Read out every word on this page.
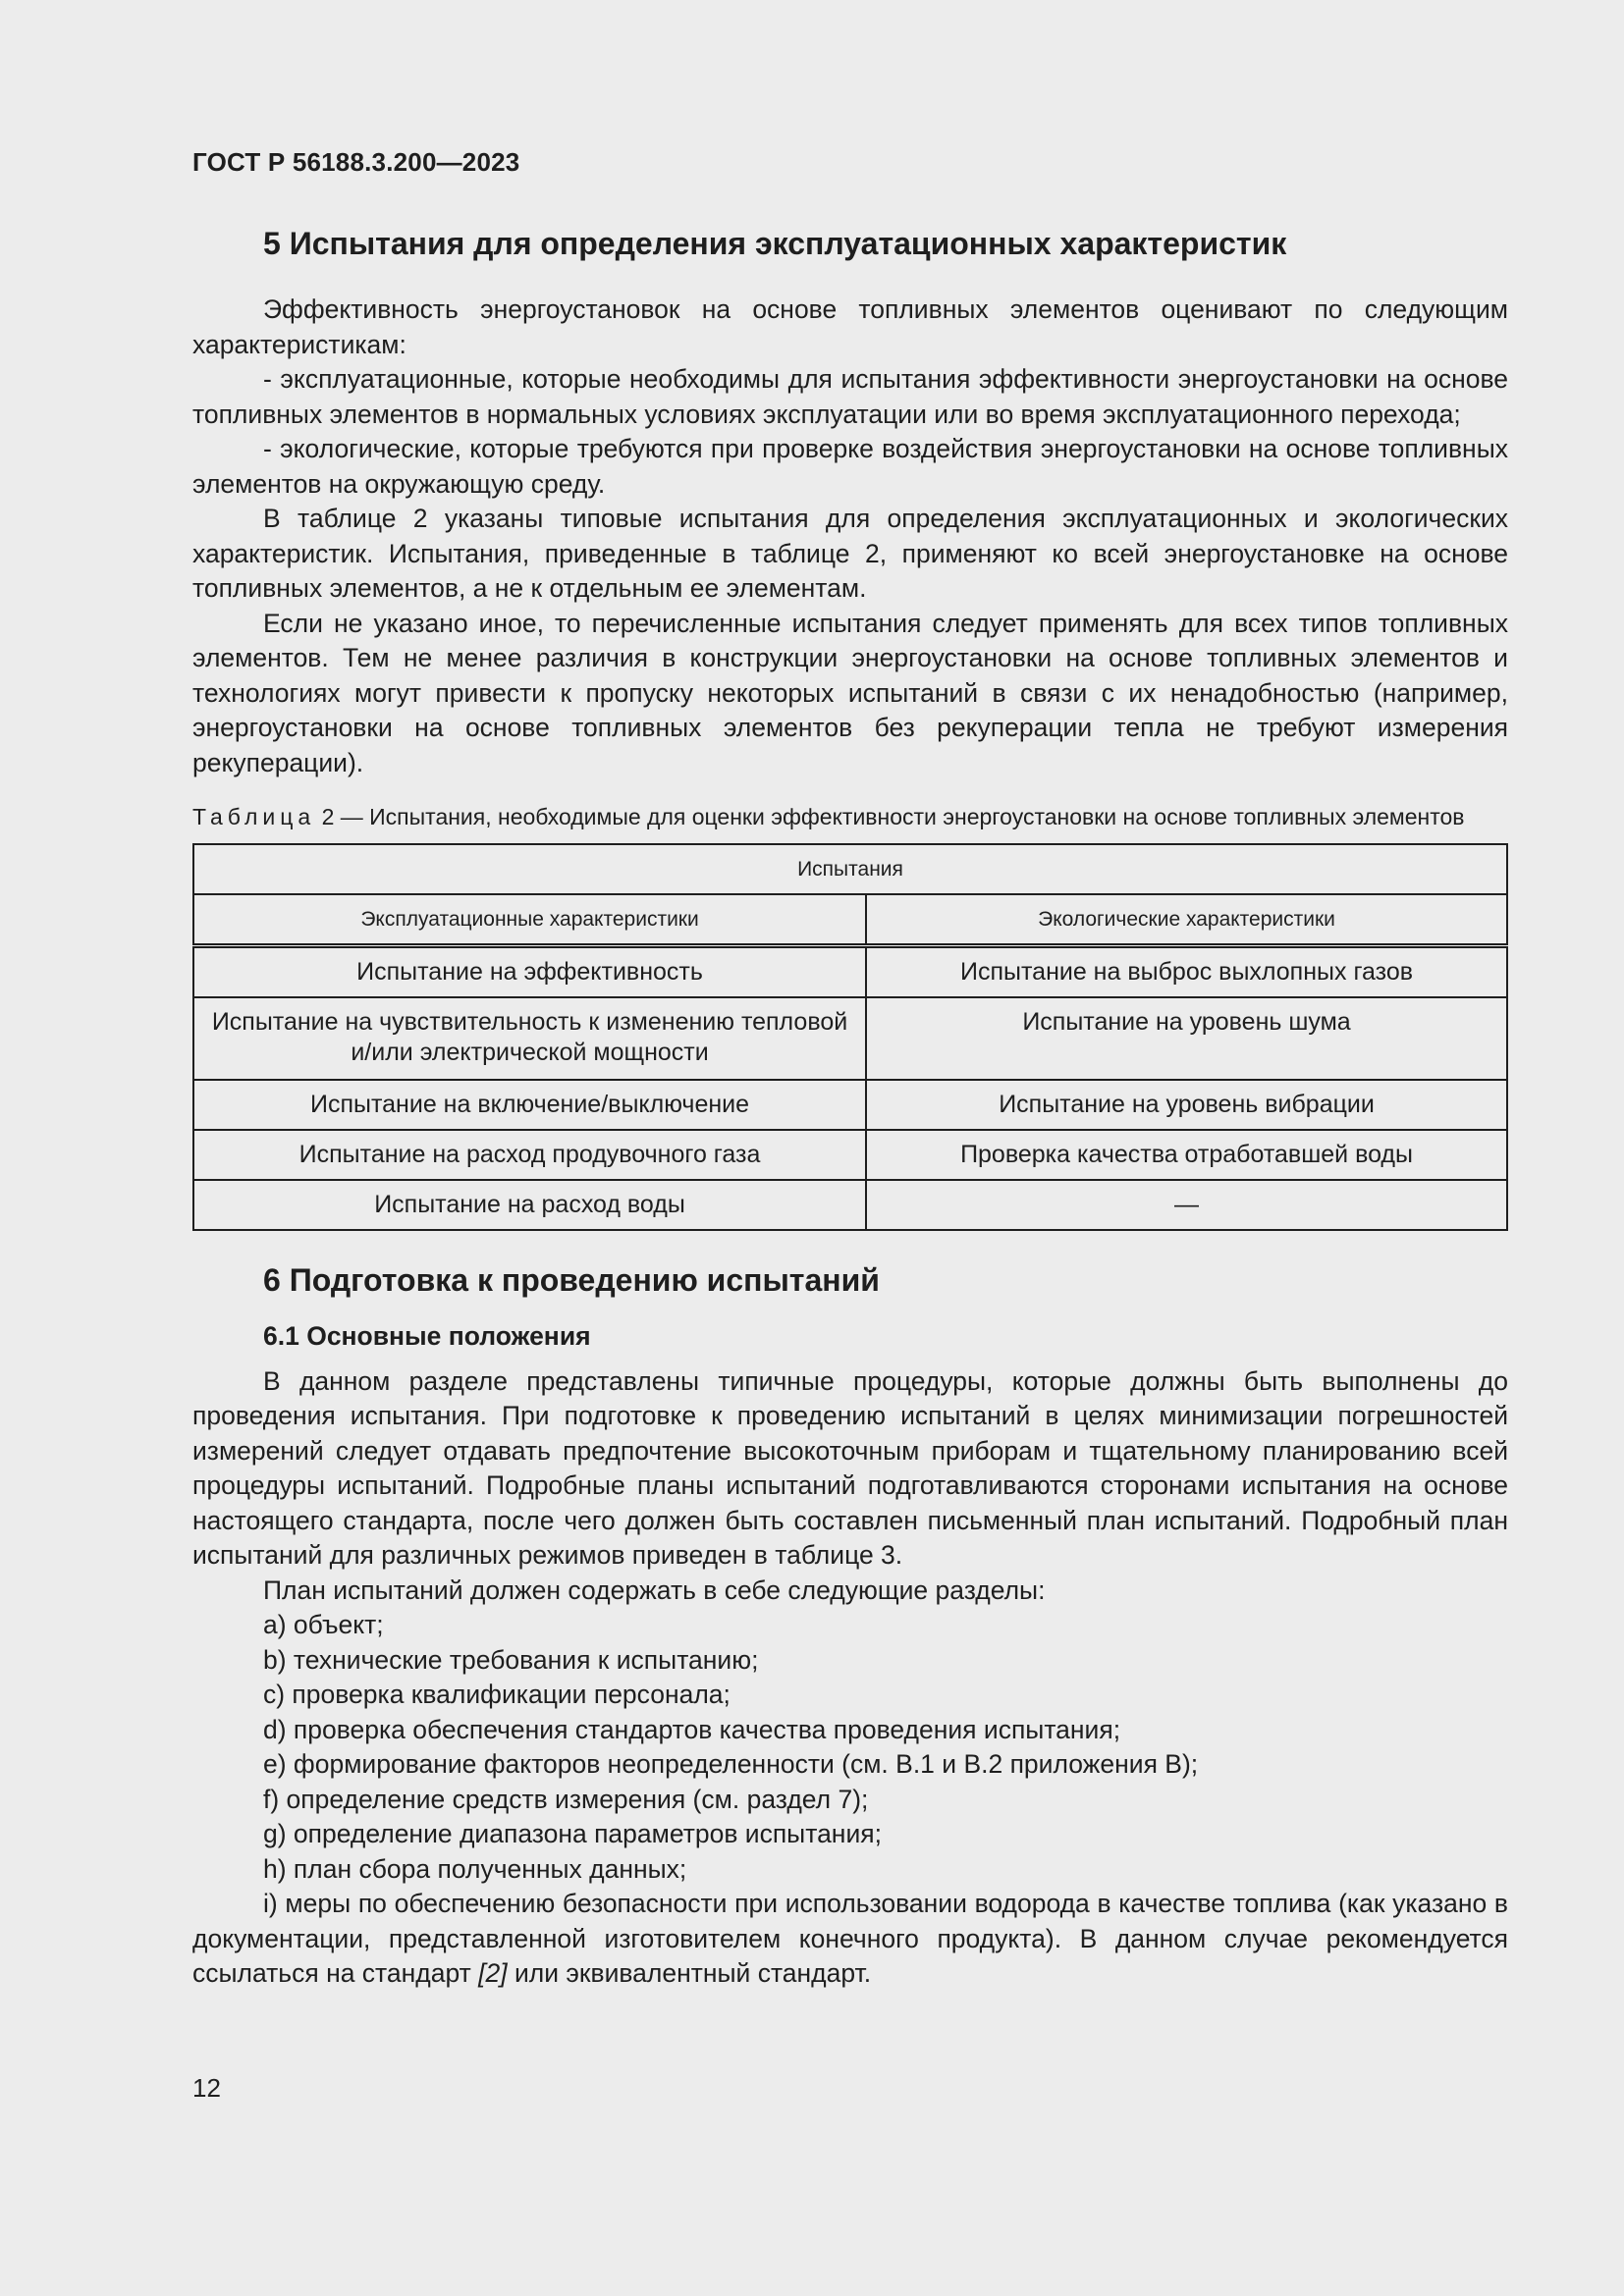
ГОСТ Р 56188.3.200—2023
5 Испытания для определения эксплуатационных характеристик

Эффективность энергоустановок на основе топливных элементов оценивают по следующим характеристикам:

- эксплуатационные, которые необходимы для испытания эффективности энергоустановки на основе топливных элементов в нормальных условиях эксплуатации или во время эксплуатационного перехода;

- экологические, которые требуются при проверке воздействия энергоустановки на основе топливных элементов на окружающую среду.

В таблице 2 указаны типовые испытания для определения эксплуатационных и экологических характеристик. Испытания, приведенные в таблице 2, применяют ко всей энергоустановке на основе топливных элементов, а не к отдельным ее элементам.

Если не указано иное, то перечисленные испытания следует применять для всех типов топливных элементов. Тем не менее различия в конструкции энергоустановки на основе топливных элементов и технологиях могут привести к пропуску некоторых испытаний в связи с их ненадобностью (например, энергоустановки на основе топливных элементов без рекуперации тепла не требуют измерения рекуперации).

Таблица 2 — Испытания, необходимые для оценки эффективности энергоустановки на основе топливных элементов
Испытания	
Эксплуатационные характеристики	Экологические характеристики
Испытание на эффективность	Испытание на выброс выхлопных газов
Испытание на чувствительность к изменению тепловой и/или электрической мощности	Испытание на уровень шума
Испытание на включение/выключение	Испытание на уровень вибрации
Испытание на расход продувочного газа	Проверка качества отработавшей воды
Испытание на расход воды	—
6 Подготовка к проведению испытаний
6.1 Основные положения

В данном разделе представлены типичные процедуры, которые должны быть выполнены до проведения испытания. При подготовке к проведению испытаний в целях минимизации погрешностей измерений следует отдавать предпочтение высокоточным приборам и тщательному планированию всей процедуры испытаний. Подробные планы испытаний подготавливаются сторонами испытания на основе настоящего стандарта, после чего должен быть составлен письменный план испытаний. Подробный план испытаний для различных режимов приведен в таблице 3.

План испытаний должен содержать в себе следующие разделы:

a) объект;
b) технические требования к испытанию;
c) проверка квалификации персонала;
d) проверка обеспечения стандартов качества проведения испытания;
e) формирование факторов неопределенности (см. В.1 и В.2 приложения В);
f) определение средств измерения (см. раздел 7);
g) определение диапазона параметров испытания;
h) план сбора полученных данных;
i) меры по обеспечению безопасности при использовании водорода в качестве топлива (как указано в документации, представленной изготовителем конечного продукта). В данном случае рекомендуется ссылаться на стандарт [2] или эквивалентный стандарт.
12
